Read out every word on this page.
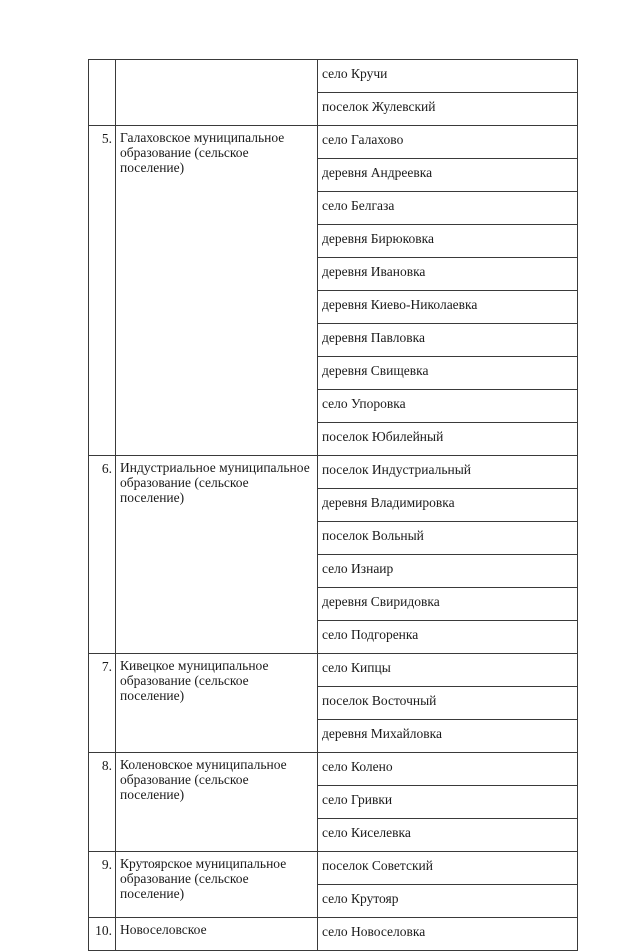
		село Кручи
		поселок Жулевский
5.	Галаховское муниципальное образование (сельское поселение)	село Галахово
		деревня Андреевка
		село Белгаза
		деревня Бирюковка
		деревня Ивановка
		деревня Киево-Николаевка
		деревня Павловка
		деревня Свищевка
		село Упоровка
		поселок Юбилейный
6.	Индустриальное муниципальное образование (сельское поселение)	поселок Индустриальный
		деревня Владимировка
		поселок Вольный
		село Изнаир
		деревня Свиридовка
		село Подгоренка
7.	Кивецкое муниципальное образование (сельское поселение)	село Кипцы
		поселок Восточный
		деревня Михайловка
8.	Коленовское муниципальное образование (сельское поселение)	село Колено
		село Гривки
		село Киселевка
9.	Крутоярское муниципальное образование (сельское поселение)	поселок Советский
		село Крутояр
10.	Новоселовское	село Новоселовка
